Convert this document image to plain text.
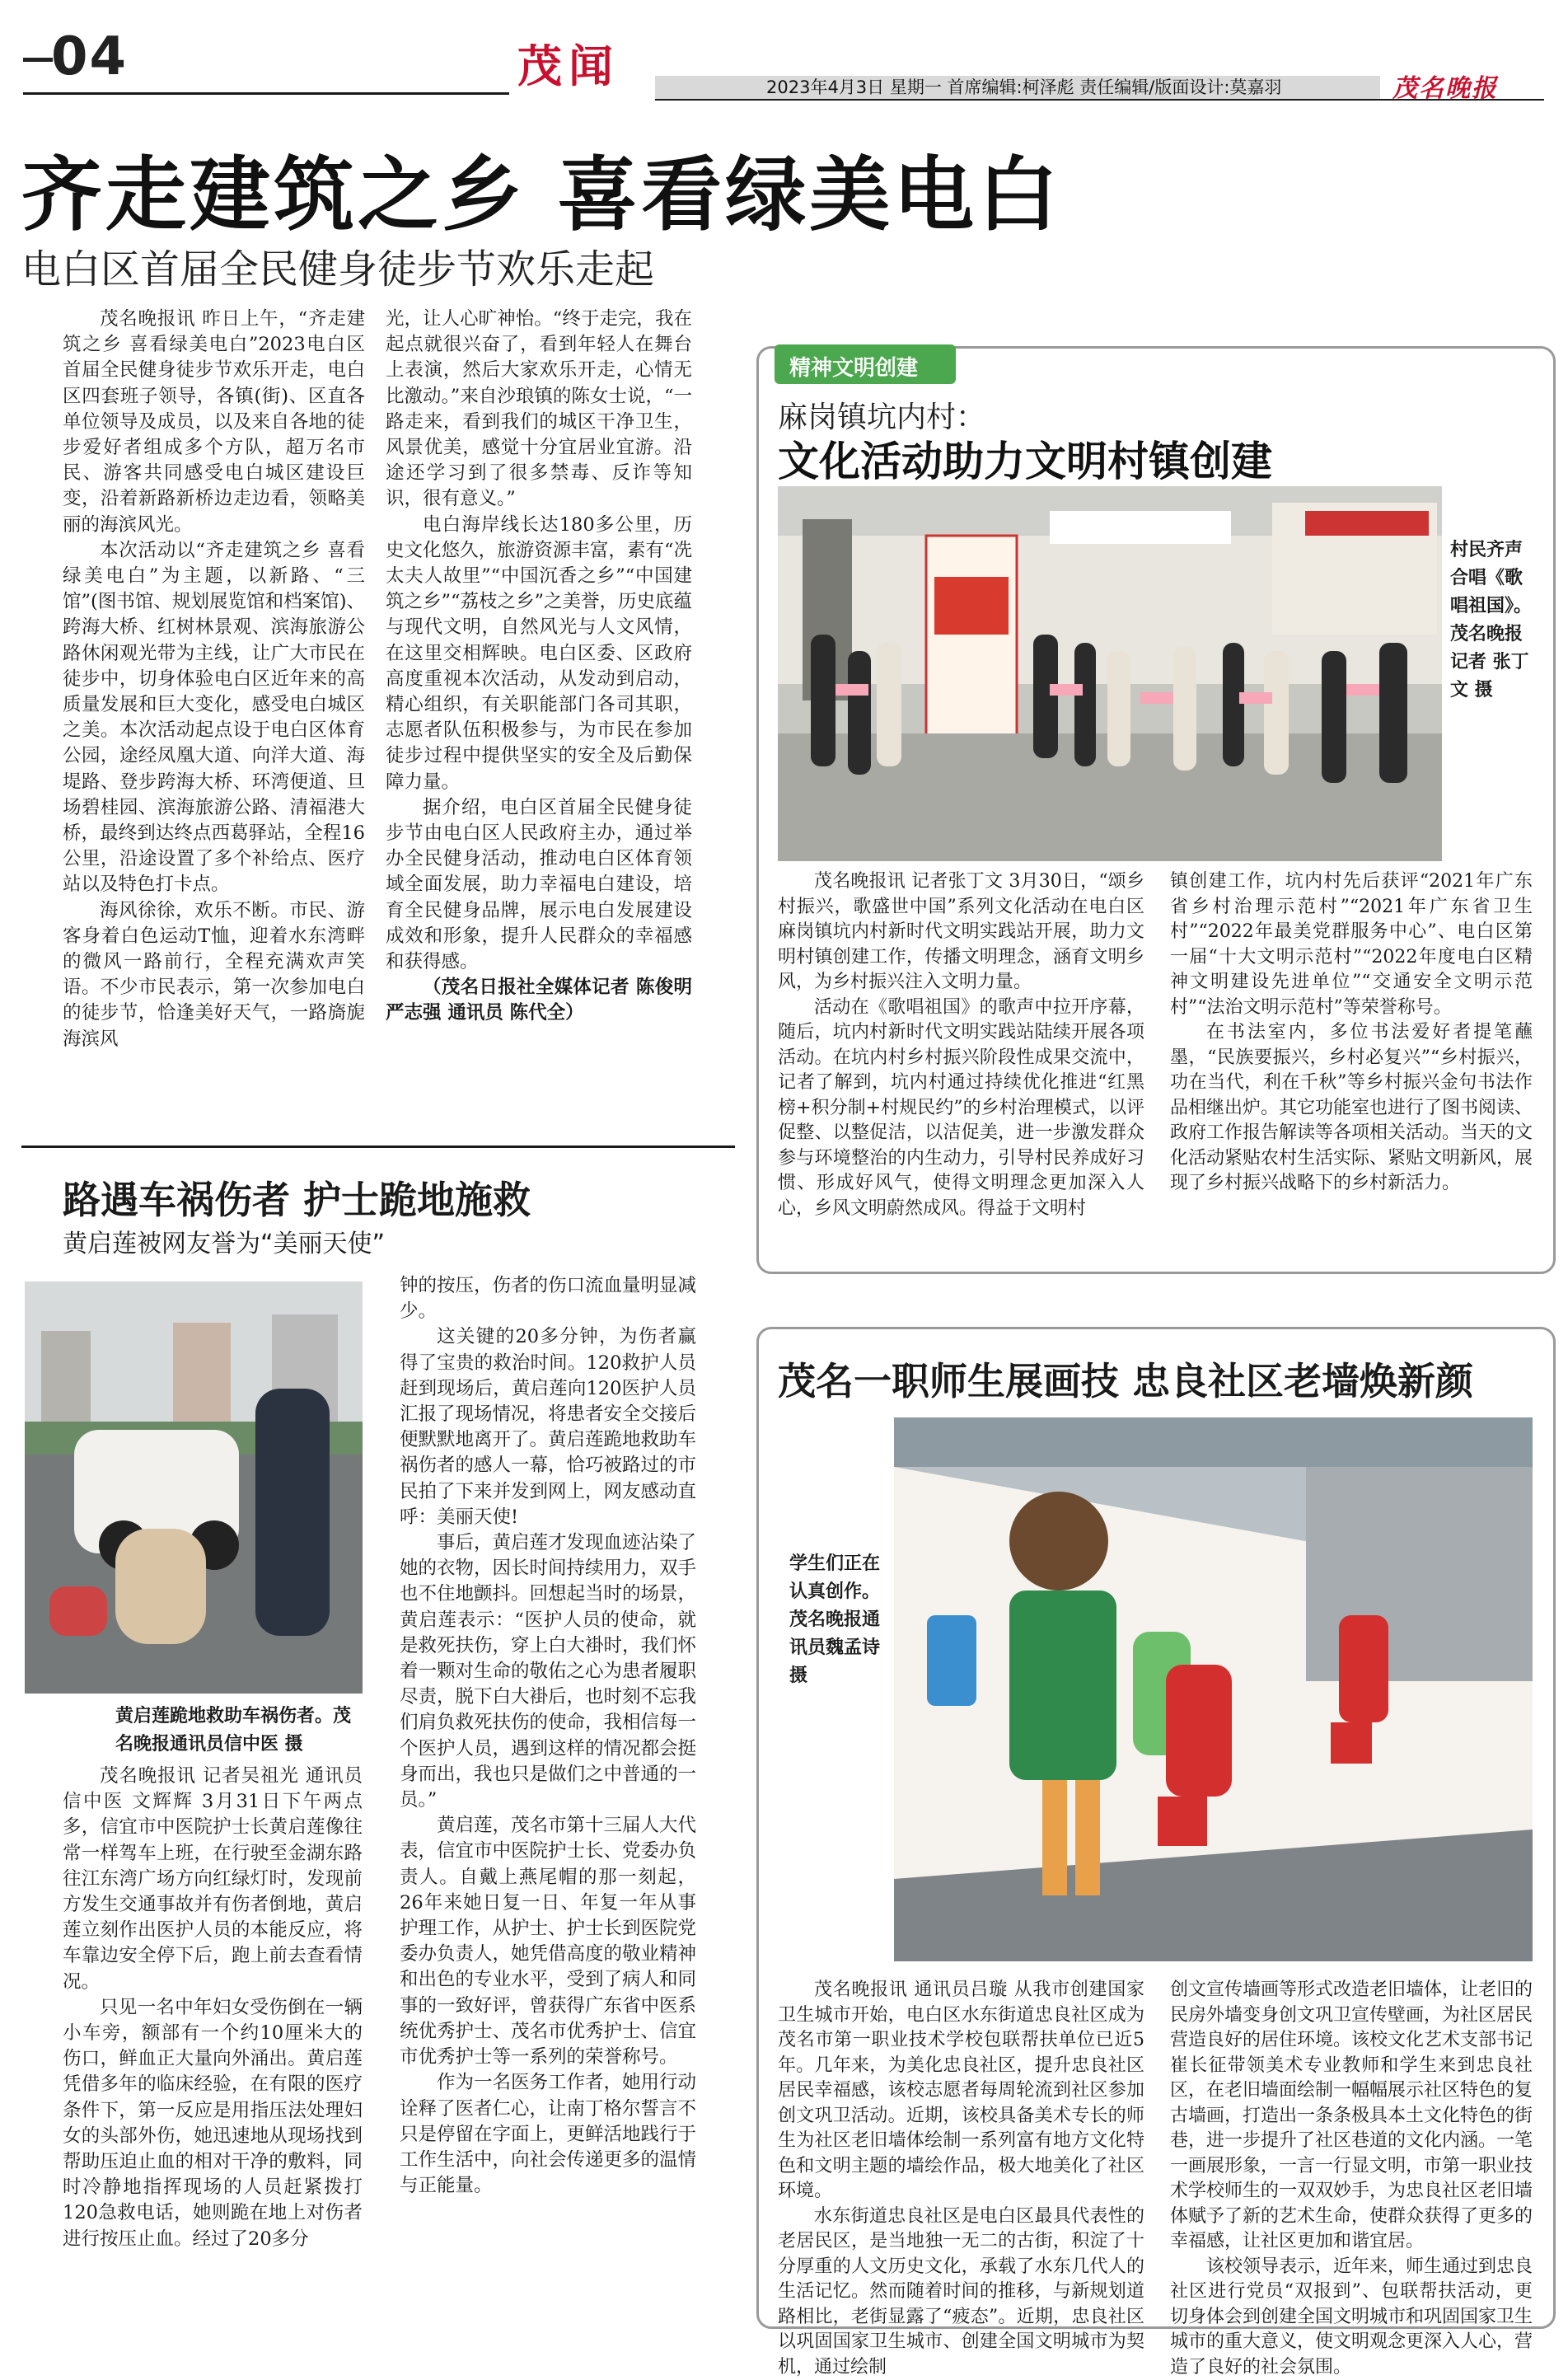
04	茂闻	2023年4月3日 星期一 首席编辑:柯泽彪 责任编辑/版面设计:莫嘉羽	茂名晚报
齐走建筑之乡 喜看绿美电白
电白区首届全民健身徒步节欢乐走起

茂名晚报讯 昨日上午，“齐走建筑之乡 喜看绿美电白”2023电白区首届全民健身徒步节欢乐开走，电白区四套班子领导，各镇(街)、区直各单位领导及成员，以及来自各地的徒步爱好者组成多个方队，超万名市民、游客共同感受电白城区建设巨变，沿着新路新桥边走边看，领略美丽的海滨风光。

本次活动以“齐走建筑之乡 喜看绿美电白”为主题，以新路、“三馆”(图书馆、规划展览馆和档案馆)、跨海大桥、红树林景观、滨海旅游公路休闲观光带为主线，让广大市民在徒步中，切身体验电白区近年来的高质量发展和巨大变化，感受电白城区之美。本次活动起点设于电白区体育公园，途经凤凰大道、向洋大道、海堤路、登步跨海大桥、环湾便道、旦场碧桂园、滨海旅游公路、清福港大桥，最终到达终点西葛驿站，全程16公里，沿途设置了多个补给点、医疗站以及特色打卡点。

海风徐徐，欢乐不断。市民、游客身着白色运动T恤，迎着水东湾畔的微风一路前行，全程充满欢声笑语。不少市民表示，第一次参加电白的徒步节，恰逢美好天气，一路旖旎海滨风

光，让人心旷神怡。“终于走完，我在起点就很兴奋了，看到年轻人在舞台上表演，然后大家欢乐开走，心情无比激动。”来自沙琅镇的陈女士说，“一路走来，看到我们的城区干净卫生，风景优美，感觉十分宜居业宜游。沿途还学习到了很多禁毒、反诈等知识，很有意义。”

电白海岸线长达180多公里，历史文化悠久，旅游资源丰富，素有“冼太夫人故里”“中国沉香之乡”“中国建筑之乡”“荔枝之乡”之美誉，历史底蕴与现代文明，自然风光与人文风情，在这里交相辉映。电白区委、区政府高度重视本次活动，从发动到启动，精心组织，有关职能部门各司其职，志愿者队伍积极参与，为市民在参加徒步过程中提供坚实的安全及后勤保障力量。

据介绍，电白区首届全民健身徒步节由电白区人民政府主办，通过举办全民健身活动，推动电白区体育领域全面发展，助力幸福电白建设，培育全民健身品牌，展示电白发展建设成效和形象，提升人民群众的幸福感和获得感。

（茂名日报社全媒体记者 陈俊明 严志强 通讯员 陈代全）

精神文明创建
麻岗镇坑内村：
文化活动助力文明村镇创建
村民齐声合唱《歌唱祖国》。茂名晚报记者 张丁文 摄

茂名晚报讯 记者张丁文 3月30日，“颂乡村振兴，歌盛世中国”系列文化活动在电白区麻岗镇坑内村新时代文明实践站开展，助力文明村镇创建工作，传播文明理念，涵育文明乡风，为乡村振兴注入文明力量。

活动在《歌唱祖国》的歌声中拉开序幕，随后，坑内村新时代文明实践站陆续开展各项活动。在坑内村乡村振兴阶段性成果交流中，记者了解到，坑内村通过持续优化推进“红黑榜+积分制+村规民约”的乡村治理模式，以评促整、以整促洁，以洁促美，进一步激发群众参与环境整治的内生动力，引导村民养成好习惯、形成好风气，使得文明理念更加深入人心，乡风文明蔚然成风。得益于文明村

镇创建工作，坑内村先后获评“2021年广东省乡村治理示范村”“2021年广东省卫生村”“2022年最美党群服务中心”、电白区第一届“十大文明示范村”“2022年度电白区精神文明建设先进单位”“交通安全文明示范村”“法治文明示范村”等荣誉称号。

在书法室内，多位书法爱好者提笔蘸墨，“民族要振兴，乡村必复兴”“乡村振兴，功在当代，利在千秋”等乡村振兴金句书法作品相继出炉。其它功能室也进行了图书阅读、政府工作报告解读等各项相关活动。当天的文化活动紧贴农村生活实际、紧贴文明新风，展现了乡村振兴战略下的乡村新活力。

路遇车祸伤者 护士跪地施救
黄启莲被网友誉为“美丽天使”
黄启莲跪地救助车祸伤者。茂名晚报通讯员信中医 摄

茂名晚报讯 记者吴祖光 通讯员信中医 文辉辉 3月31日下午两点多，信宜市中医院护士长黄启莲像往常一样驾车上班，在行驶至金湖东路往江东湾广场方向红绿灯时，发现前方发生交通事故并有伤者倒地，黄启莲立刻作出医护人员的本能反应，将车靠边安全停下后，跑上前去查看情况。

只见一名中年妇女受伤倒在一辆小车旁，额部有一个约10厘米大的伤口，鲜血正大量向外涌出。黄启莲凭借多年的临床经验，在有限的医疗条件下，第一反应是用指压法处理妇女的头部外伤，她迅速地从现场找到帮助压迫止血的相对干净的敷料，同时冷静地指挥现场的人员赶紧拨打120急救电话，她则跪在地上对伤者进行按压止血。经过了20多分

钟的按压，伤者的伤口流血量明显减少。

这关键的20多分钟，为伤者赢得了宝贵的救治时间。120救护人员赶到现场后，黄启莲向120医护人员汇报了现场情况，将患者安全交接后便默默地离开了。黄启莲跪地救助车祸伤者的感人一幕，恰巧被路过的市民拍了下来并发到网上，网友感动直呼：美丽天使!

事后，黄启莲才发现血迹沾染了她的衣物，因长时间持续用力，双手也不住地颤抖。回想起当时的场景，黄启莲表示：“医护人员的使命，就是救死扶伤，穿上白大褂时，我们怀着一颗对生命的敬佑之心为患者履职尽责，脱下白大褂后，也时刻不忘我们肩负救死扶伤的使命，我相信每一个医护人员，遇到这样的情况都会挺身而出，我也只是做们之中普通的一员。”

黄启莲，茂名市第十三届人大代表，信宜市中医院护士长、党委办负责人。自戴上燕尾帽的那一刻起，26年来她日复一日、年复一年从事护理工作，从护士、护士长到医院党委办负责人，她凭借高度的敬业精神和出色的专业水平，受到了病人和同事的一致好评，曾获得广东省中医系统优秀护士、茂名市优秀护士、信宜市优秀护士等一系列的荣誉称号。

作为一名医务工作者，她用行动诠释了医者仁心，让南丁格尔誓言不只是停留在字面上，更鲜活地践行于工作生活中，向社会传递更多的温情与正能量。

茂名一职师生展画技 忠良社区老墙焕新颜
学生们正在认真创作。茂名晚报通讯员魏孟诗 摄

茂名晚报讯 通讯员吕璇 从我市创建国家卫生城市开始，电白区水东街道忠良社区成为茂名市第一职业技术学校包联帮扶单位已近5年。几年来，为美化忠良社区，提升忠良社区居民幸福感，该校志愿者每周轮流到社区参加创文巩卫活动。近期，该校具备美术专长的师生为社区老旧墙体绘制一系列富有地方文化特色和文明主题的墙绘作品，极大地美化了社区环境。

水东街道忠良社区是电白区最具代表性的老居民区，是当地独一无二的古街，积淀了十分厚重的人文历史文化，承载了水东几代人的生活记忆。然而随着时间的推移，与新规划道路相比，老街显露了“疲态”。近期，忠良社区以巩固国家卫生城市、创建全国文明城市为契机，通过绘制

创文宣传墙画等形式改造老旧墙体，让老旧的民房外墙变身创文巩卫宣传壁画，为社区居民营造良好的居住环境。该校文化艺术支部书记崔长征带领美术专业教师和学生来到忠良社区，在老旧墙面绘制一幅幅展示社区特色的复古墙画，打造出一条条极具本土文化特色的街巷，进一步提升了社区巷道的文化内涵。一笔一画展形象，一言一行显文明，市第一职业技术学校师生的一双双妙手，为忠良社区老旧墙体赋予了新的艺术生命，使群众获得了更多的幸福感，让社区更加和谐宜居。

该校领导表示，近年来，师生通过到忠良社区进行党员“双报到”、包联帮扶活动，更切身体会到创建全国文明城市和巩固国家卫生城市的重大意义，使文明观念更深入人心，营造了良好的社会氛围。
